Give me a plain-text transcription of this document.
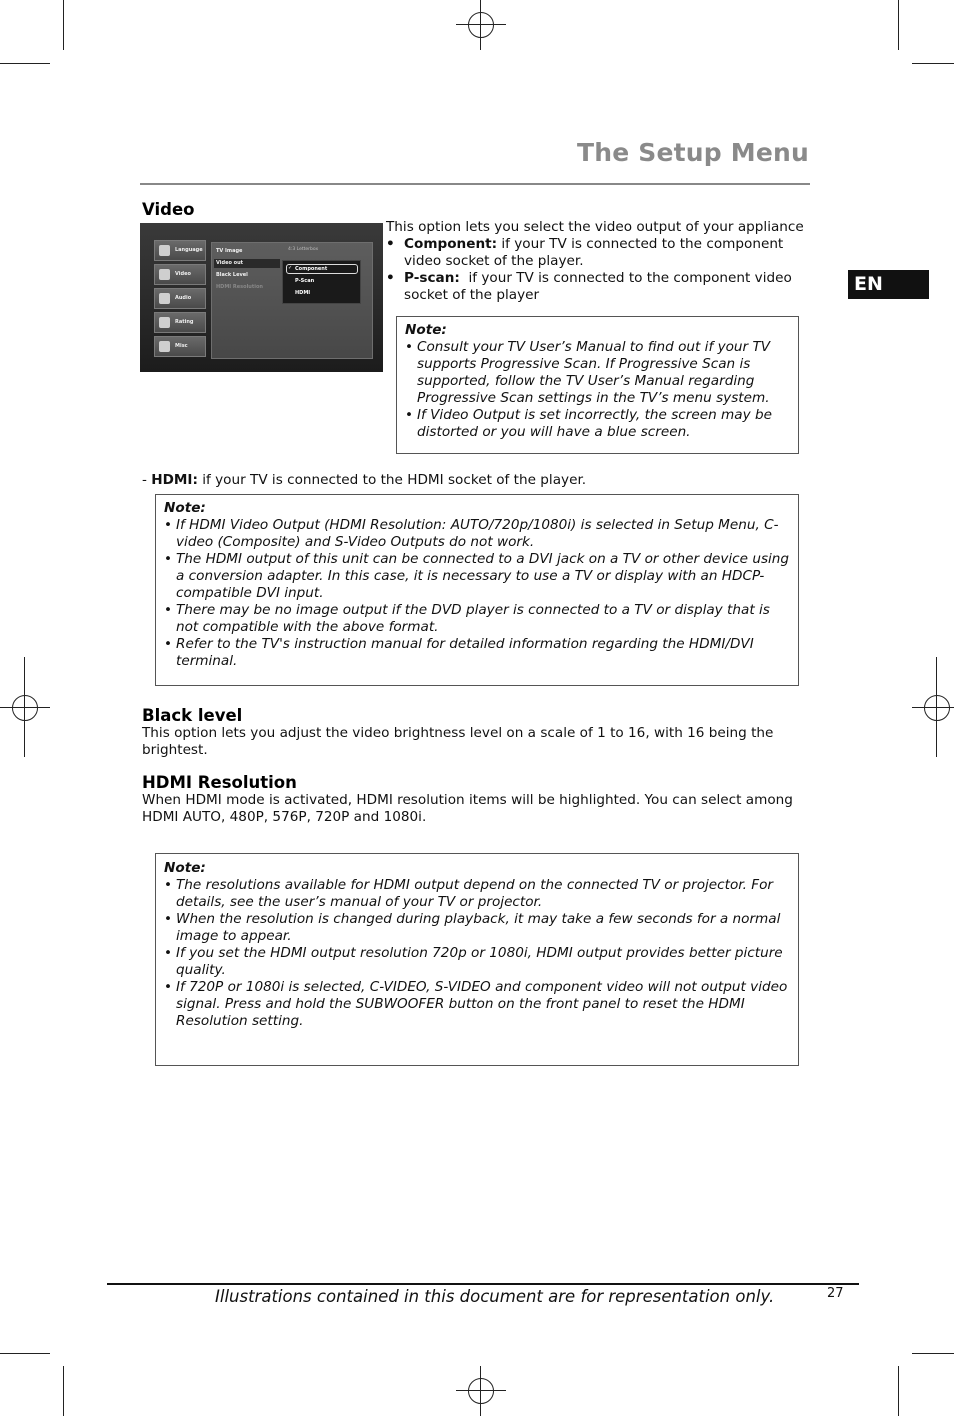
The Setup Menu
EN
Video
Language
Video
Audio
Rating
Misc
TV Image
Video out
Black Level
HDMI Resolution
4:3 Letterbox
✓ Component
P-Scan
HDMI
This option lets you select the video output of your appliance
• Component: if your TV is connected to the component video socket of the player.
• P-scan:  if your TV is connected to the component video socket of the player
Note:
• Consult your TV User’s Manual to find out if your TV supports Progressive Scan. If Progressive Scan is supported, follow the TV User’s Manual regarding Progressive Scan settings in the TV’s menu system.
• If Video Output is set incorrectly, the screen may be distorted or you will have a blue screen.
- HDMI: if your TV is connected to the HDMI socket of the player.
Note:
• If HDMI Video Output (HDMI Resolution: AUTO/720p/1080i) is selected in Setup Menu, C-video (Composite) and S-Video Outputs do not work.
• The HDMI output of this unit can be connected to a DVI jack on a TV or other device using a conversion adapter. In this case, it is necessary to use a TV or display with an HDCP-compatible DVI input.
• There may be no image output if the DVD player is connected to a TV or display that is not compatible with the above format.
• Refer to the TV's instruction manual for detailed information regarding the HDMI/DVI terminal.
Black level
This option lets you adjust the video brightness level on a scale of 1 to 16, with 16 being the brightest.
HDMI Resolution
When HDMI mode is activated, HDMI resolution items will be highlighted. You can select among HDMI AUTO, 480P, 576P, 720P and 1080i.
Note:
• The resolutions available for HDMI output depend on the connected TV or projector. For details, see the user’s manual of your TV or projector.
• When the resolution is changed during playback, it may take a few seconds for a normal image to appear.
• If you set the HDMI output resolution 720p or 1080i, HDMI output provides better picture quality.
• If 720P or 1080i is selected, C-VIDEO, S-VIDEO and component video will not output video signal. Press and hold the SUBWOOFER button on the front panel to reset the HDMI Resolution setting.
Illustrations contained in this document are for representation only.	27
